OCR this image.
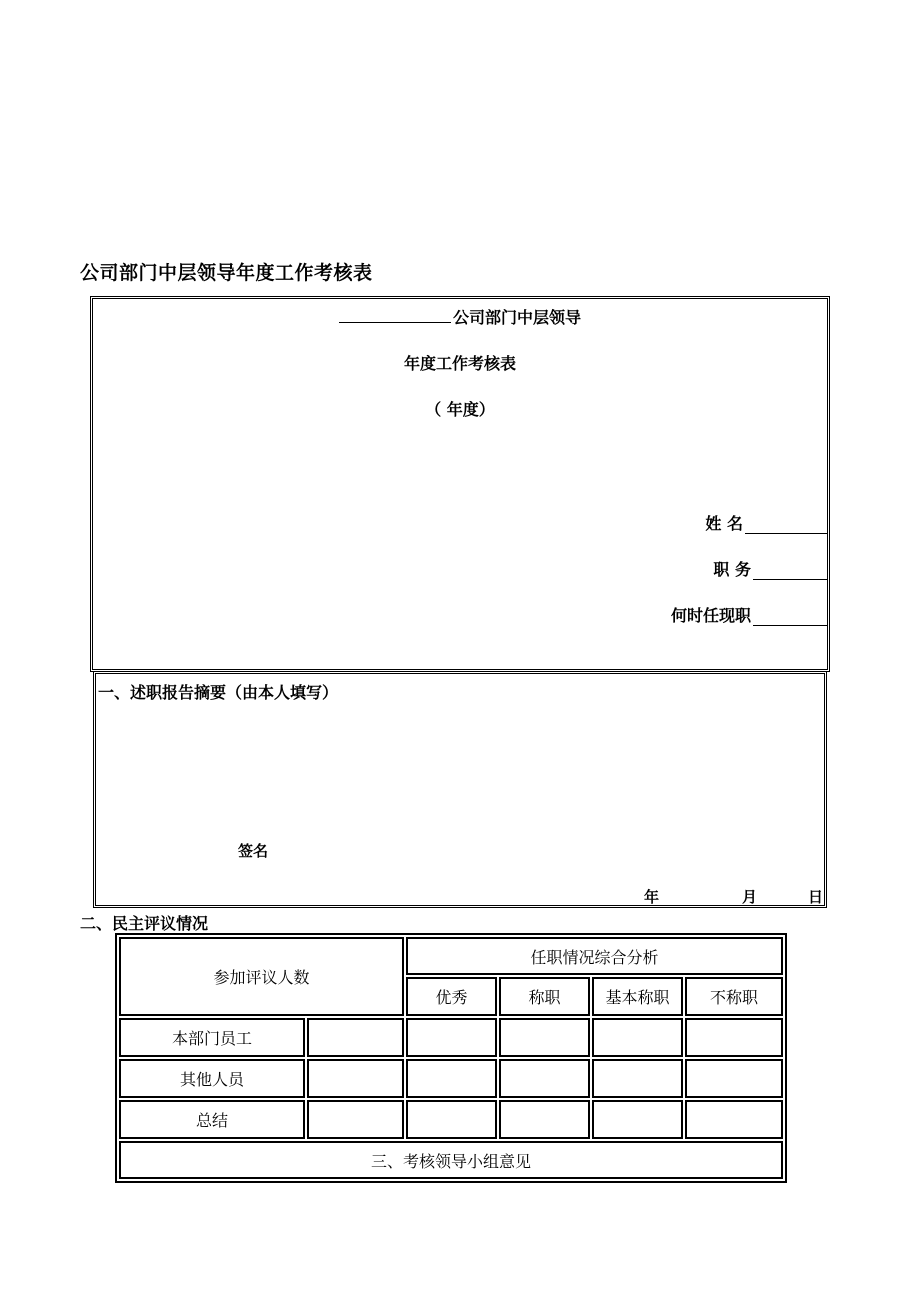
公司部门中层领导年度工作考核表
公司部门中层领导
年度工作考核表
（ 年度）
姓 名
职 务
何时任现职
一、述职报告摘要（由本人填写）
签名
年	月	日
二、民主评议情况
参加评议人数		任职情况综合分析			
		优秀	称职	基本称职	不称职
本部门员工					
其他人员					
总结					
三、考核领导小组意见					
